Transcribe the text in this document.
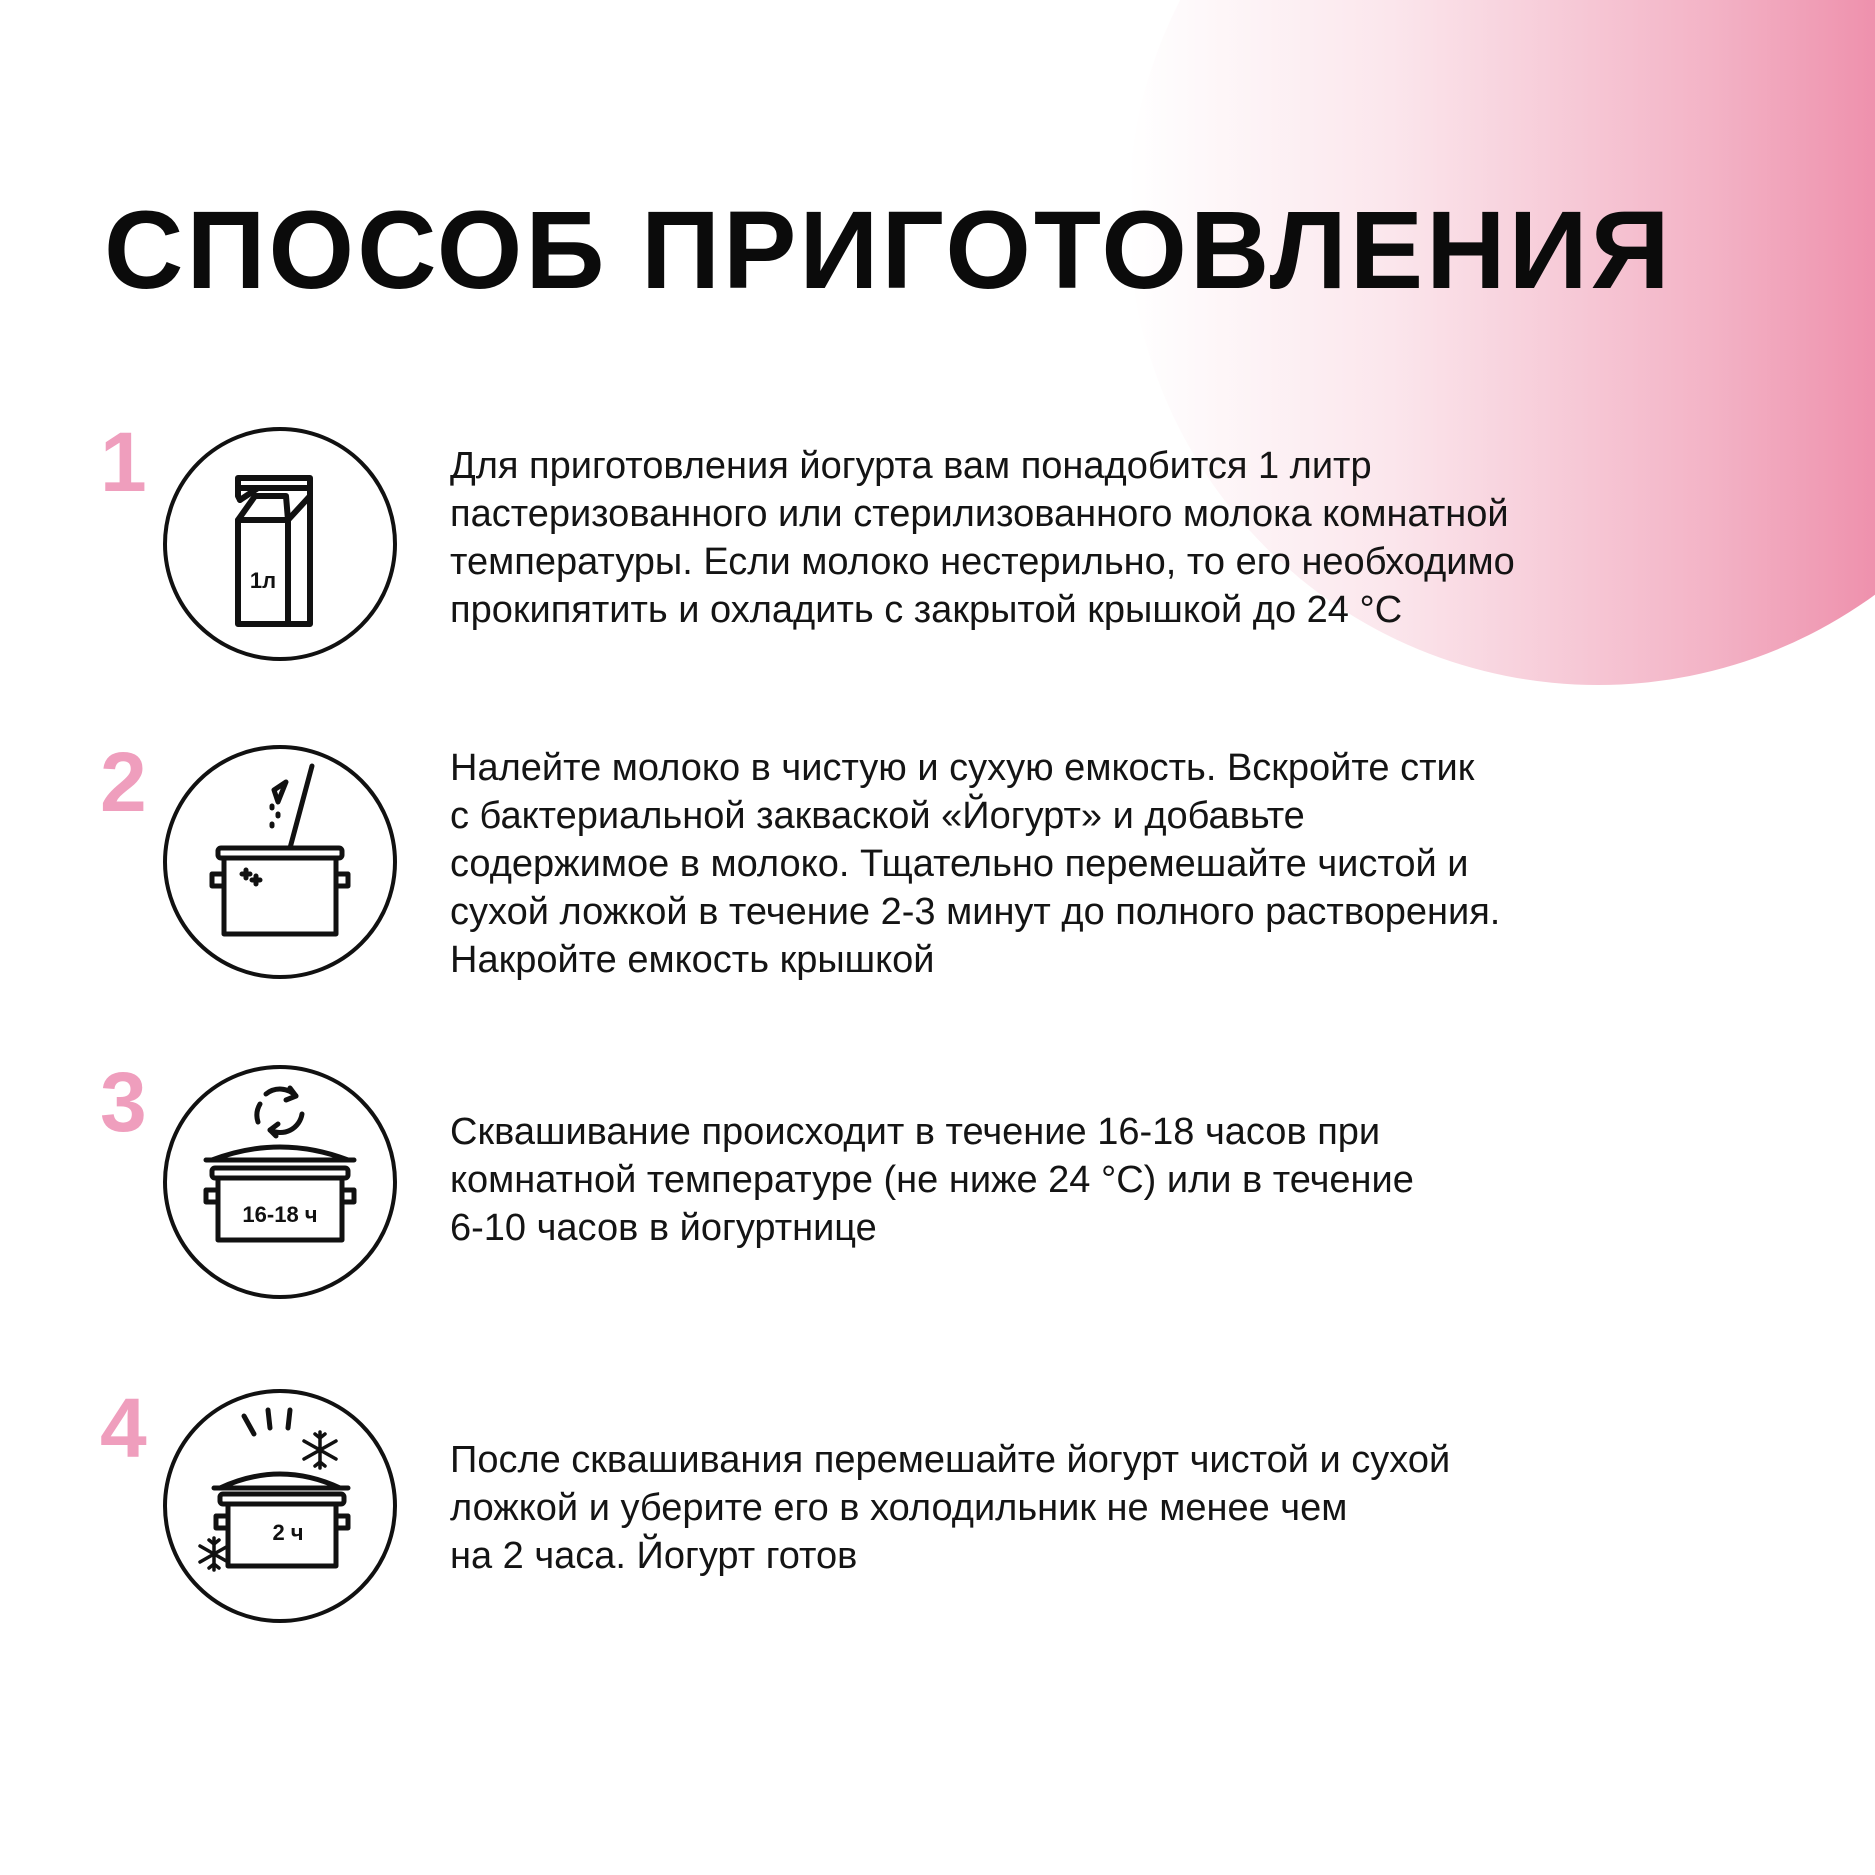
СПОСОБ ПРИГОТОВЛЕНИЯ
1
1л

Для приготовления йогурта вам понадобится 1 литр
пастеризованного или стерилизованного молока комнатной
температуры. Если молоко нестерильно, то его необходимо
прокипятить и охладить с закрытой крышкой до 24 °С

2	Налейте молоко в чистую и сухую емкость. Вскройте стик
с бактериальной закваской «Йогурт» и добавьте
содержимое в молоко. Тщательно перемешайте чистой и
сухой ложкой в течение 2-3 минут до полного растворения.
Накройте емкость крышкой

3
16-18 ч

Сквашивание происходит в течение 16-18 часов при
комнатной температуре (не ниже 24 °С) или в течение
6-10 часов в йогуртнице

4
2 ч

После сквашивания перемешайте йогурт чистой и сухой
ложкой и уберите его в холодильник не менее чем
на 2 часа. Йогурт готов
